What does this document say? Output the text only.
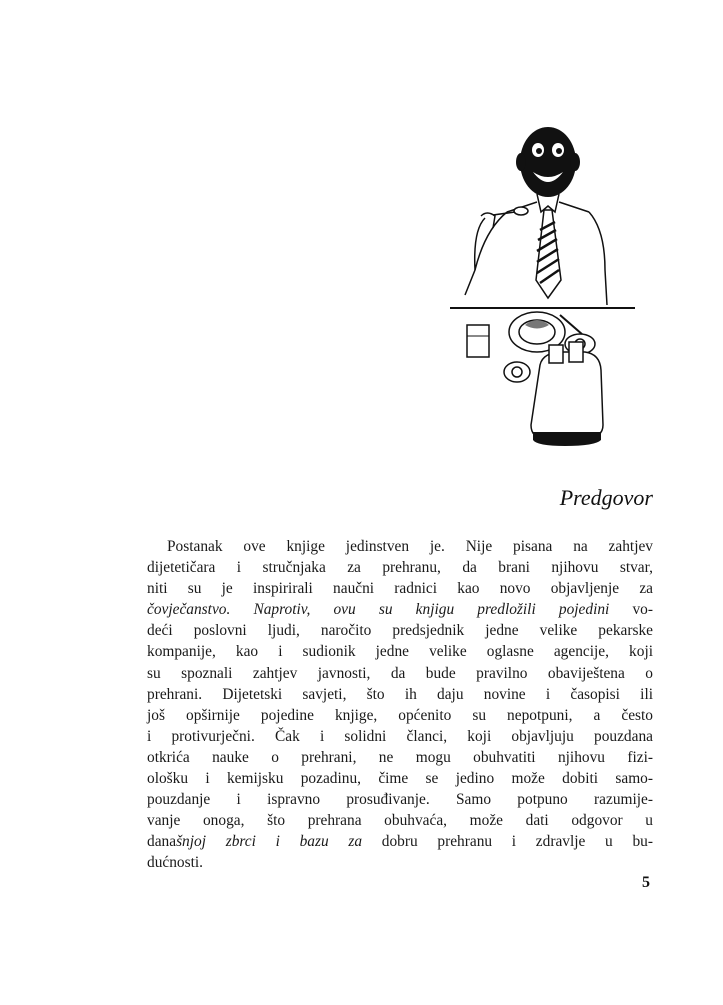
Predgovor
Postanak ove knjige jedinstven je. Nije pisana na zahtjev
dijetetičara i stručnjaka za prehranu, da brani njihovu stvar,
niti su je inspirirali naučni radnici kao novo objavljenje za
čovječanstvo. Naprotiv, ovu su knjigu predložili pojedini vo-
deći poslovni ljudi, naročito predsjednik jedne velike pekarske
kompanije, kao i sudionik jedne velike oglasne agencije, koji
su spoznali zahtjev javnosti, da bude pravilno obaviještena o
prehrani. Dijetetski savjeti, što ih daju novine i časopisi ili
još opširnije pojedine knjige, općenito su nepotpuni, a često
i protivurječni. Čak i solidni članci, koji objavljuju pouzdana
otkrića nauke o prehrani, ne mogu obuhvatiti njihovu fizi-
ološku i kemijsku pozadinu, čime se jedino može dobiti samo-
pouzdanje i ispravno prosuđivanje. Samo potpuno razumije-
vanje onoga, što prehrana obuhvaća, može dati odgovor u
današnjoj zbrci i bazu za dobru prehranu i zdravlje u bu-
dućnosti.
5
